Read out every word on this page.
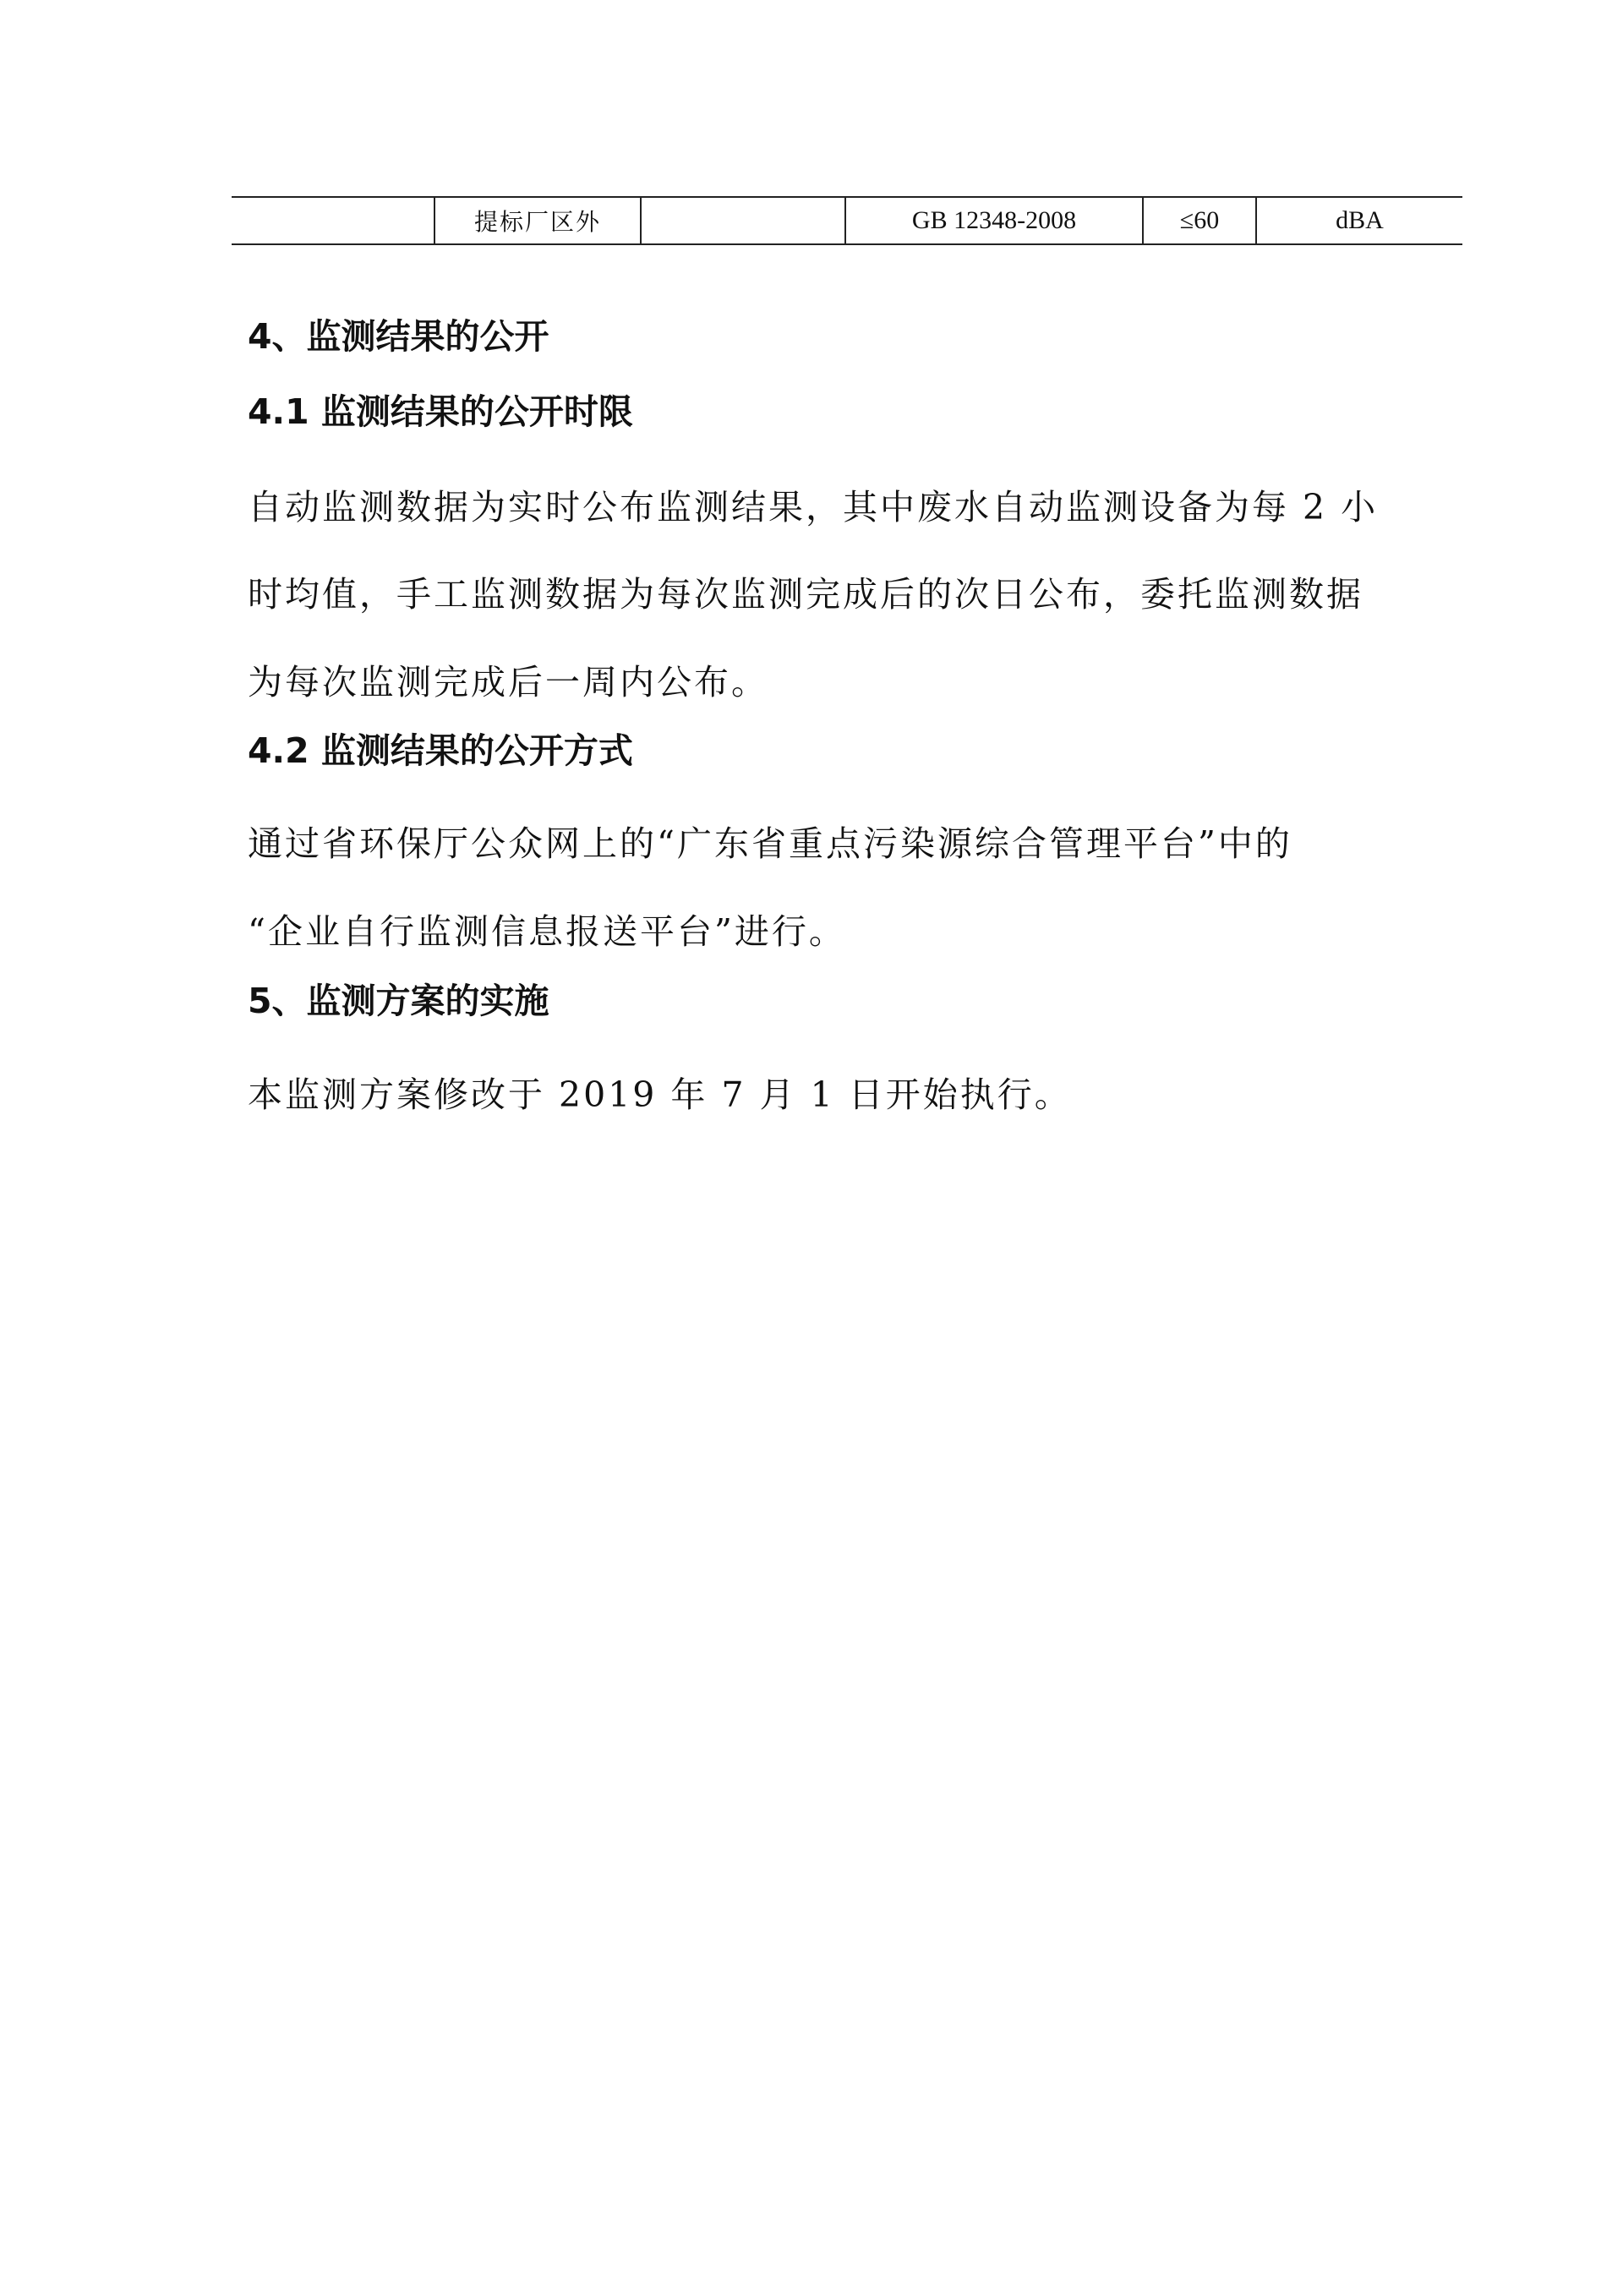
	提标厂区外		GB 12348-2008	≤60	dBA
4、监测结果的公开
4.1 监测结果的公开时限
自动监测数据为实时公布监测结果，其中废水自动监测设备为每 2 小
时均值，手工监测数据为每次监测完成后的次日公布，委托监测数据
为每次监测完成后一周内公布。
4.2 监测结果的公开方式
通过省环保厅公众网上的“广东省重点污染源综合管理平台”中的
“企业自行监测信息报送平台”进行。
5、监测方案的实施
本监测方案修改于 2019 年 7 月 1 日开始执行。
